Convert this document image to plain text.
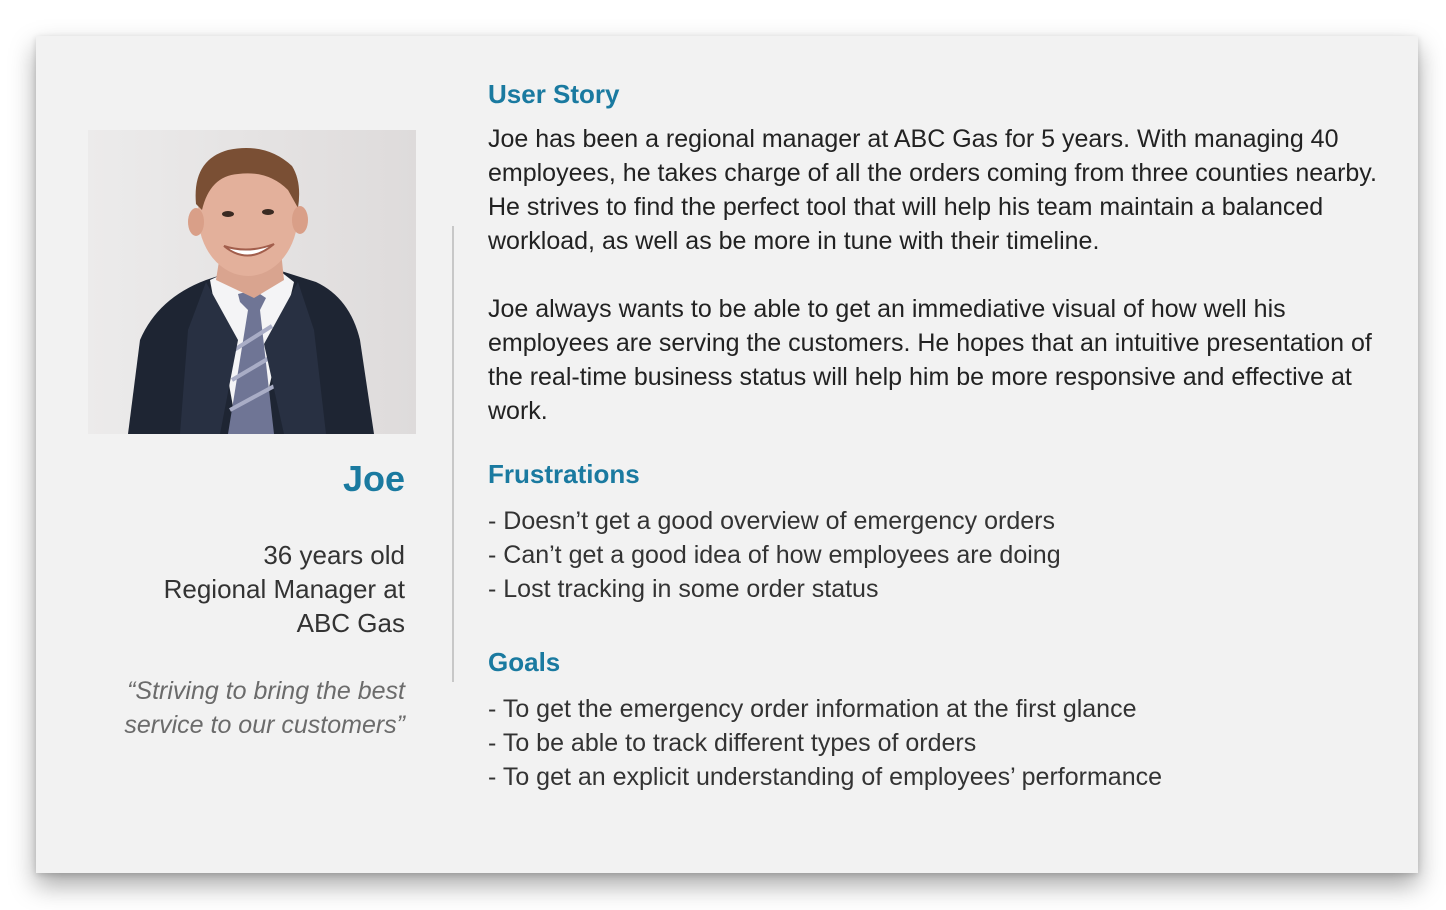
Joe
36 years old
Regional Manager at
ABC Gas
“Striving to bring the best
service to our customers”
User Story

Joe has been a regional manager at ABC Gas for 5 years. With managing 40 employees, he takes charge of all the orders coming from three counties nearby. He strives to find the perfect tool that will help his team maintain a balanced workload, as well as be more in tune with their timeline.

Joe always wants to be able to get an immediative visual of how well his employees are serving the customers. He hopes that an intuitive presentation of the real-time business status will help him be more responsive and effective at work.

Frustrations
- Doesn’t get a good overview of emergency orders
- Can’t get a good idea of how employees are doing
- Lost tracking in some order status
Goals
- To get the emergency order information at the first glance
- To be able to track different types of orders
- To get an explicit understanding of employees’ performance
